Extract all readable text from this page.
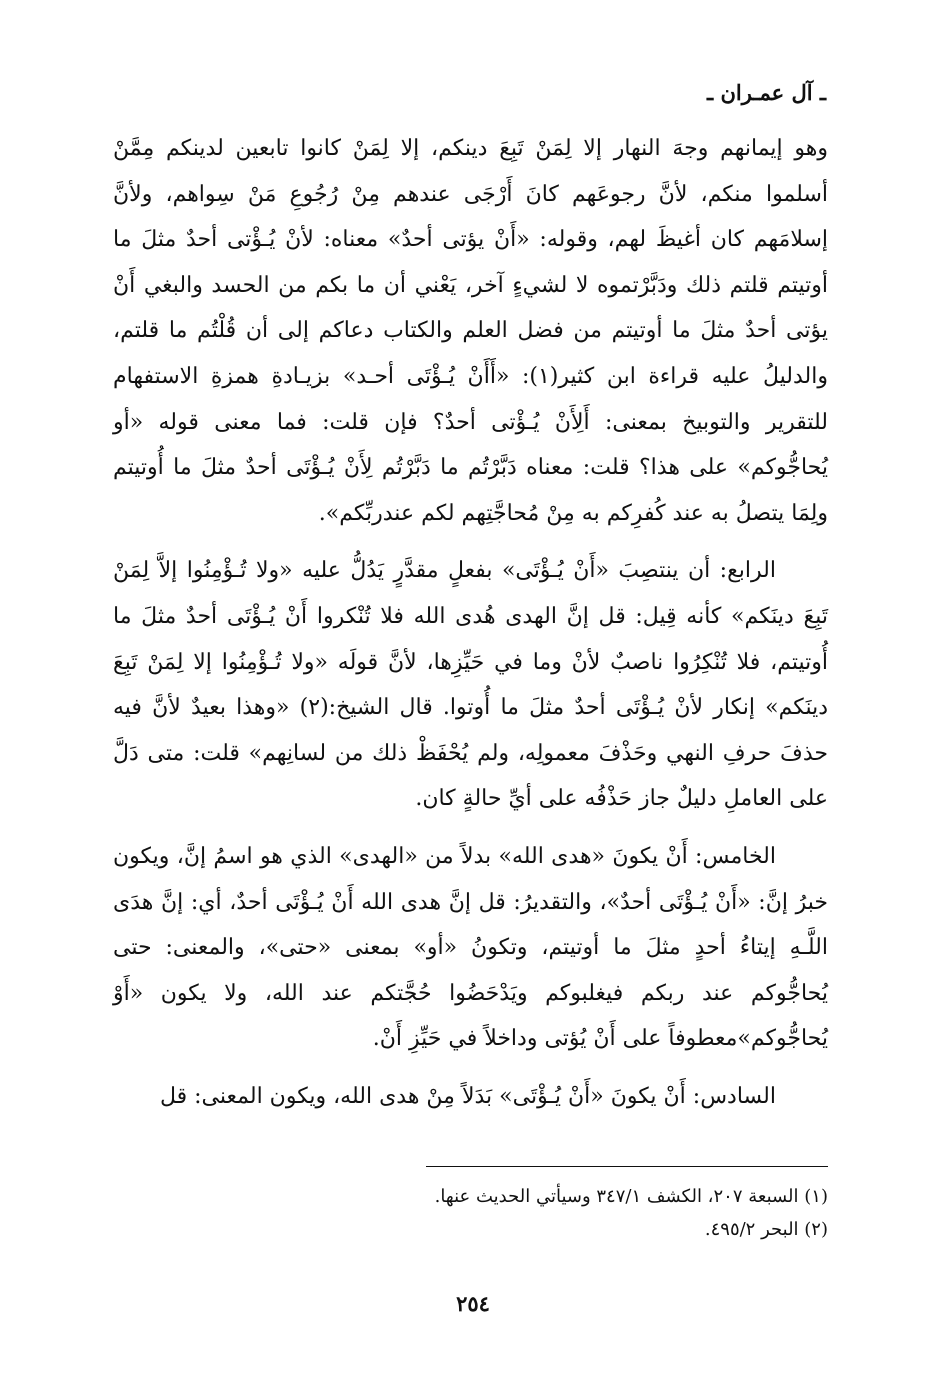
ـ آل عمـران ـ

وهو إيمانهم وجهَ النهار إلا لِمَنْ تَبِعَ دينكم، إلا لِمَنْ كانوا تابعين لدينكم مِمَّنْ أسلموا منكم، لأنَّ رجوعَهم كانَ أَرْجَى عندهم مِنْ رُجُوعِ مَنْ سِواهم، ولأنَّ إسلامَهم كان أغيظَ لهم، وقوله: «أَنْ يؤتى أحدٌ» معناه: لأنْ يُـؤْتى أحدٌ مثلَ ما أوتيتم قلتم ذلك ودَبَّرْتموه لا لشيءٍ آخر، يَعْني أن ما بكم من الحسد والبغي أَنْ يؤتى أحدٌ مثلَ ما أوتيتم من فضل العلم والكتاب دعاكم إلى أن قُلْتُم ما قلتم، والدليلُ عليه قراءة ابن كثير(١): «أَأَنْ يُـؤْتَى أحـد» بزيـادةِ همزةِ الاستفهام للتقرير والتوبيخ بمعنى: أَلِأَنْ يُـؤْتى أحدٌ؟ فإن قلت: فما معنى قوله «أو يُحاجُّوكم» على هذا؟ قلت: معناه دَبَّرْتُم ما دَبَّرْتُم لِأَنْ يُـؤْتَى أحدٌ مثلَ ما أُوتيتم ولِمَا يتصلُ به عند كُفرِكم به مِنْ مُحاجَّتِهم لكم عندربِّكم».

الرابع: أن ينتصِبَ «أَنْ يُـؤْتَى» بفعلٍ مقدَّرٍ يَدُلُّ عليه «ولا تُـؤْمِنُوا إلاَّ لِمَنْ تَبِعَ دينَكم» كأنه قِيل: قل إنَّ الهدى هُدى الله فلا تُنْكروا أَنْ يُـؤْتَى أحدٌ مثلَ ما أُوتيتم، فلا تُنْكِرُوا ناصبٌ لأنْ وما في حَيِّزِها، لأنَّ قولَه «ولا تُـؤْمِنُوا إلا لِمَنْ تَبِعَ دينَكم» إنكار لأنْ يُـؤْتَى أحدٌ مثلَ ما أُوتوا. قال الشيخ:(٢) «وهذا بعيدٌ لأنَّ فيه حذفَ حرفِ النهي وحَذْفَ معمولِه، ولم يُحْفَظْ ذلك من لسانِهم» قلت: متى دَلَّ على العاملِ دليلٌ جاز حَذْفُه على أيِّ حالةٍ كان.

الخامس: أَنْ يكونَ «هدى الله» بدلاً من «الهدى» الذي هو اسمُ إنَّ، ويكون خبرُ إنَّ: «أَنْ يُـؤْتَى أحدٌ»، والتقديرُ: قل إنَّ هدى الله أَنْ يُـؤْتَى أحدٌ، أي: إنَّ هدَى اللَّـهِ إيتاءُ أحدٍ مثلَ ما أوتيتم، وتكونُ «أو» بمعنى «حتى»، والمعنى: حتى يُحاجُّوكم عند ربكم فيغلبوكم ويَدْحَضُوا حُجَّتكم عند الله، ولا يكون «أَوْ يُحاجُّوكم»معطوفاً على أَنْ يُؤتى وداخلاً في حَيِّزِ أَنْ.

السادس: أَنْ يكونَ «أَنْ يُـؤْتَى» بَدَلاً مِنْ هدى الله، ويكون المعنى: قل

(١) السبعة ٢٠٧، الكشف ٣٤٧/١ وسيأتي الحديث عنها.
(٢) البحر ٤٩٥/٢.
٢٥٤
